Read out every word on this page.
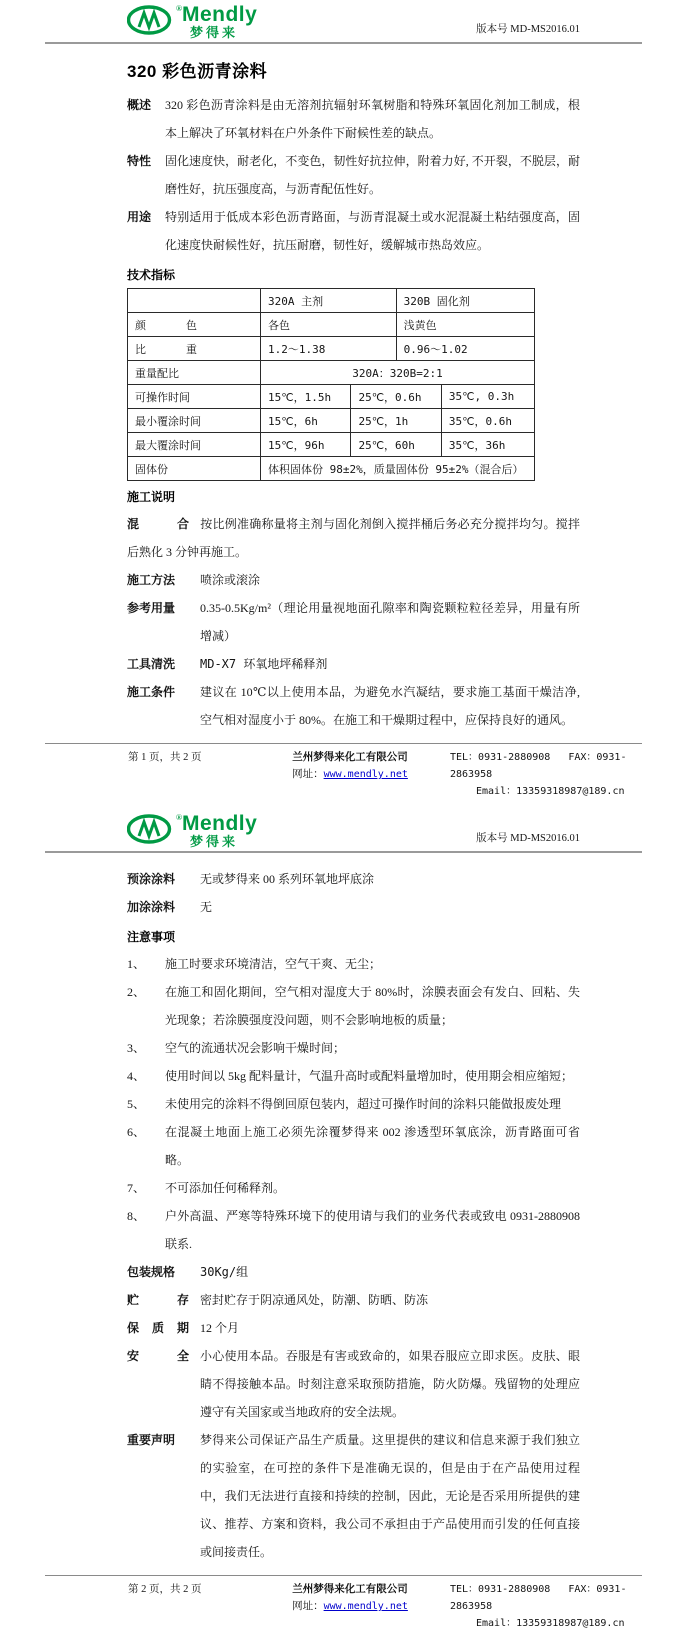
®Mendly
梦得来	版本号 MD-MS2016.01
320 彩色沥青涂料
概述	320 彩色沥青涂料是由无溶剂抗辐射环氧树脂和特殊环氧固化剂加工制成，根本上解决了环氧材料在户外条件下耐候性差的缺点。
特性	固化速度快，耐老化，不变色，韧性好抗拉伸，附着力好, 不开裂，不脱层，耐磨性好，抗压强度高，与沥青配伍性好。
用途	特别适用于低成本彩色沥青路面，与沥青混凝土或水泥混凝土粘结强度高，固化速度快耐候性好，抗压耐磨，韧性好，缓解城市热岛效应。
技术指标
	320A 主剂		320B 固化剂	
颜色	各色		浅黄色	
比重	1.2～1.38		0.96～1.02	
重量配比	320A：320B=2:1			
可操作时间	15℃，1.5h	25℃，0.6h		35℃, 0.3h
最小覆涂时间	15℃，6h	25℃，1h		35℃，0.6h
最大覆涂时间	15℃，96h	25℃，60h		35℃，36h
固体份	体积固体份 98±2%，质量固体份 95±2%（混合后）			
施工说明

混合 按比例准确称量将主剂与固化剂倒入搅拌桶后务必充分搅拌均匀。搅拌后熟化 3 分钟再施工。

施工方法	喷涂或滚涂
参考用量	0.35-0.5Kg/m²（理论用量视地面孔隙率和陶瓷颗粒粒径差异，用量有所增减）
工具清洗	MD-X7 环氧地坪稀释剂
施工条件	建议在 10℃以上使用本品，为避免水汽凝结，要求施工基面干燥洁净, 空气相对湿度小于 80%。在施工和干燥期过程中，应保持良好的通风。
第 1 页，共 2 页	兰州梦得来化工有限公司
网址：www.mendly.net
TEL：0931-2880908 FAX：0931-2863958
Email：13359318987@189.cn
®Mendly
梦得来	版本号 MD-MS2016.01
预涂涂料	无或梦得来 00 系列环氧地坪底涂
加涂涂料	无
注意事项
1、	施工时要求环境清洁，空气干爽、无尘；
2、	在施工和固化期间，空气相对湿度大于 80%时，涂膜表面会有发白、回粘、失光现象；若涂膜强度没问题，则不会影响地板的质量；
3、	空气的流通状况会影响干燥时间；
4、	使用时间以 5kg 配料量计，气温升高时或配料量增加时，使用期会相应缩短；
5、	未使用完的涂料不得倒回原包装内，超过可操作时间的涂料只能做报废处理
6、	在混凝土地面上施工必须先涂覆梦得来 002 渗透型环氧底涂，沥青路面可省略。
7、	不可添加任何稀释剂。
8、	户外高温、严寒等特殊环境下的使用请与我们的业务代表或致电 0931-2880908 联系.
包装规格	30Kg/组
贮存 密封贮存于阴凉通风处，防潮、防晒、防冻
保质期 12 个月
安全 小心使用本品。吞服是有害或致命的，如果吞服应立即求医。皮肤、眼睛不得接触本品。时刻注意采取预防措施，防火防爆。残留物的处理应遵守有关国家或当地政府的安全法规。
重要声明	梦得来公司保证产品生产质量。这里提供的建议和信息来源于我们独立的实验室，在可控的条件下是准确无误的，但是由于在产品使用过程中，我们无法进行直接和持续的控制，因此，无论是否采用所提供的建议、推荐、方案和资料，我公司不承担由于产品使用而引发的任何直接或间接责任。
第 2 页，共 2 页	兰州梦得来化工有限公司
网址：www.mendly.net
TEL：0931-2880908 FAX：0931-2863958
Email：13359318987@189.cn
